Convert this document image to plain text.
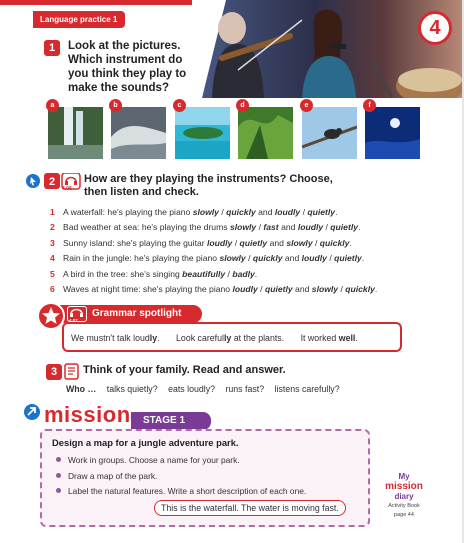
Language practice 1	4
1	Look at the pictures. Which instrument do you think they play to make the sounds?
a	b	c	d	e	f
2
4.06
How are they playing the instruments? Choose,
then listen and check.
1 A waterfall: he's playing the piano slowly / quickly and loudly / quietly.
2 Bad weather at sea: he's playing the drums slowly / fast and loudly / quietly.
3 Sunny island: she's playing the guitar loudly / quietly and slowly / quickly.
4 Rain in the jungle: he's playing the piano slowly / quickly and loudly / quietly.
5 A bird in the tree: she's singing beautifully / badly.
6 Waves at night time: she's playing the piano loudly / quietly and slowly / quickly.
We mustn't talk loudly. Look carefully at the plants. It worked well.
Grammar spotlight
4.07
3	Think of your family. Read and answer.
Who … talks quietly? eats loudly? runs fast? listens carefully?
mission	STAGE 1
Design a map for a jungle adventure park.
Work in groups. Choose a name for your park.
Draw a map of the park.
Label the natural features. Write a short description of each one.
This is the waterfall. The water is moving fast.
My
mission
diary
Activity Book
page 44
